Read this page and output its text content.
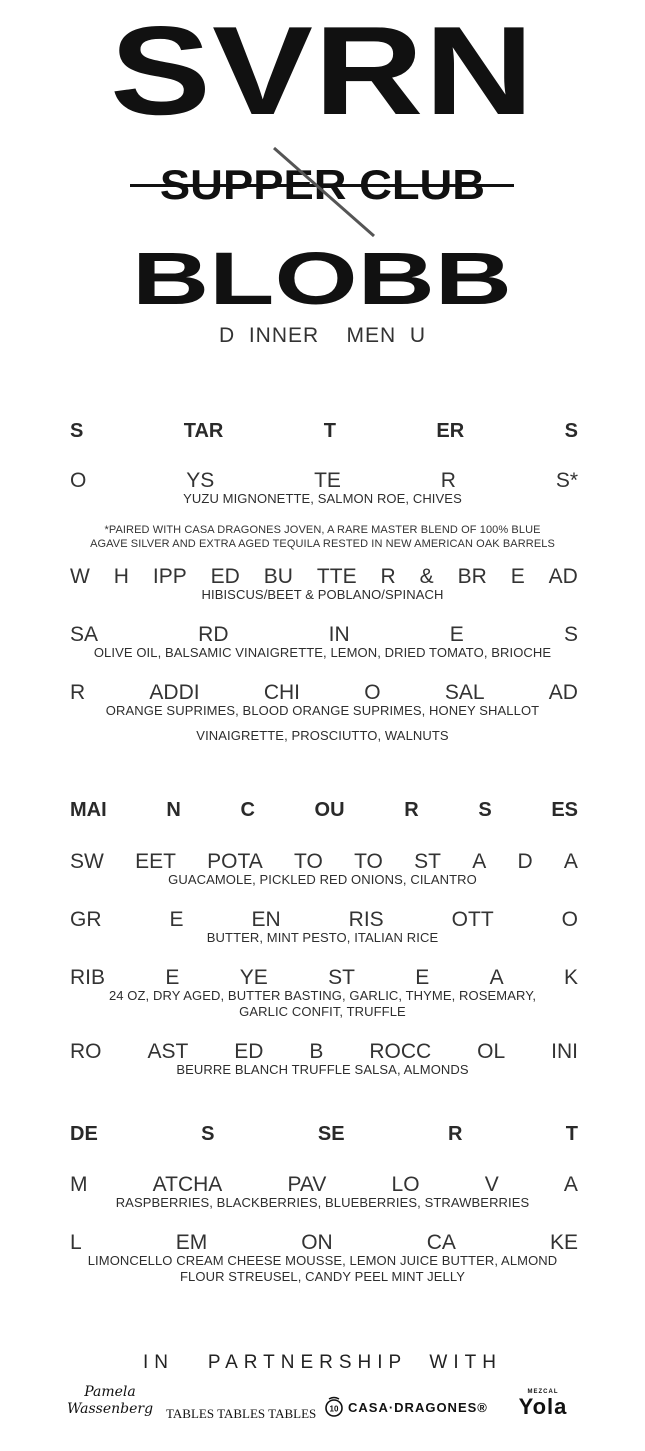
SVRN
BLOBB
D  INNER    MEN  U
S	TAR	T	ER	S
O	YS	TE	R	S*
YUZU MIGNONETTE, SALMON ROE, CHIVES
*PAIRED WITH CASA DRAGONES JOVEN, A RARE MASTER BLEND OF 100% BLUE AGAVE SILVER AND EXTRA AGED TEQUILA RESTED IN NEW AMERICAN OAK BARRELS
W H IPP ED BU TTE R & BR E AD
HIBISCUS/BEET & POBLANO/SPINACH
SA	RD	IN	E	S
OLIVE OIL, BALSAMIC VINAIGRETTE, LEMON, DRIED TOMATO, BRIOCHE
R	ADDI	CHI	O	SAL	AD
ORANGE SUPRIMES, BLOOD ORANGE SUPRIMES, HONEY SHALLOT
VINAIGRETTE, PROSCIUTTO, WALNUTS
MAI	N	C	OU	R	S	ES
SW EET POTA TO TO ST A D A
GUACAMOLE, PICKLED RED ONIONS, CILANTRO
GR	E	EN	RIS	OTT	O
BUTTER, MINT PESTO, ITALIAN RICE
RIB	E	YE	ST	E	A	K
24 OZ, DRY AGED, BUTTER BASTING, GARLIC, THYME, ROSEMARY,
GARLIC CONFIT, TRUFFLE
RO AST ED B ROCC OL INI
BEURRE BLANCH TRUFFLE SALSA, ALMONDS
DE	S	SE	R	T
M	ATCHA	PAV	LO	V	A
RASPBERRIES, BLACKBERRIES, BLUEBERRIES, STRAWBERRIES
L	EM	ON	CA	KE
LIMONCELLO CREAM CHEESE MOUSSE, LEMON JUICE BUTTER, ALMOND
FLOUR STREUSEL, CANDY PEEL MINT JELLY
IN   PARTNERSHIP  WITH
Pamela
Wassenberg TABLES TABLES TABLES 10 CASA·DRAGONES®
MEZCAL
Yola
